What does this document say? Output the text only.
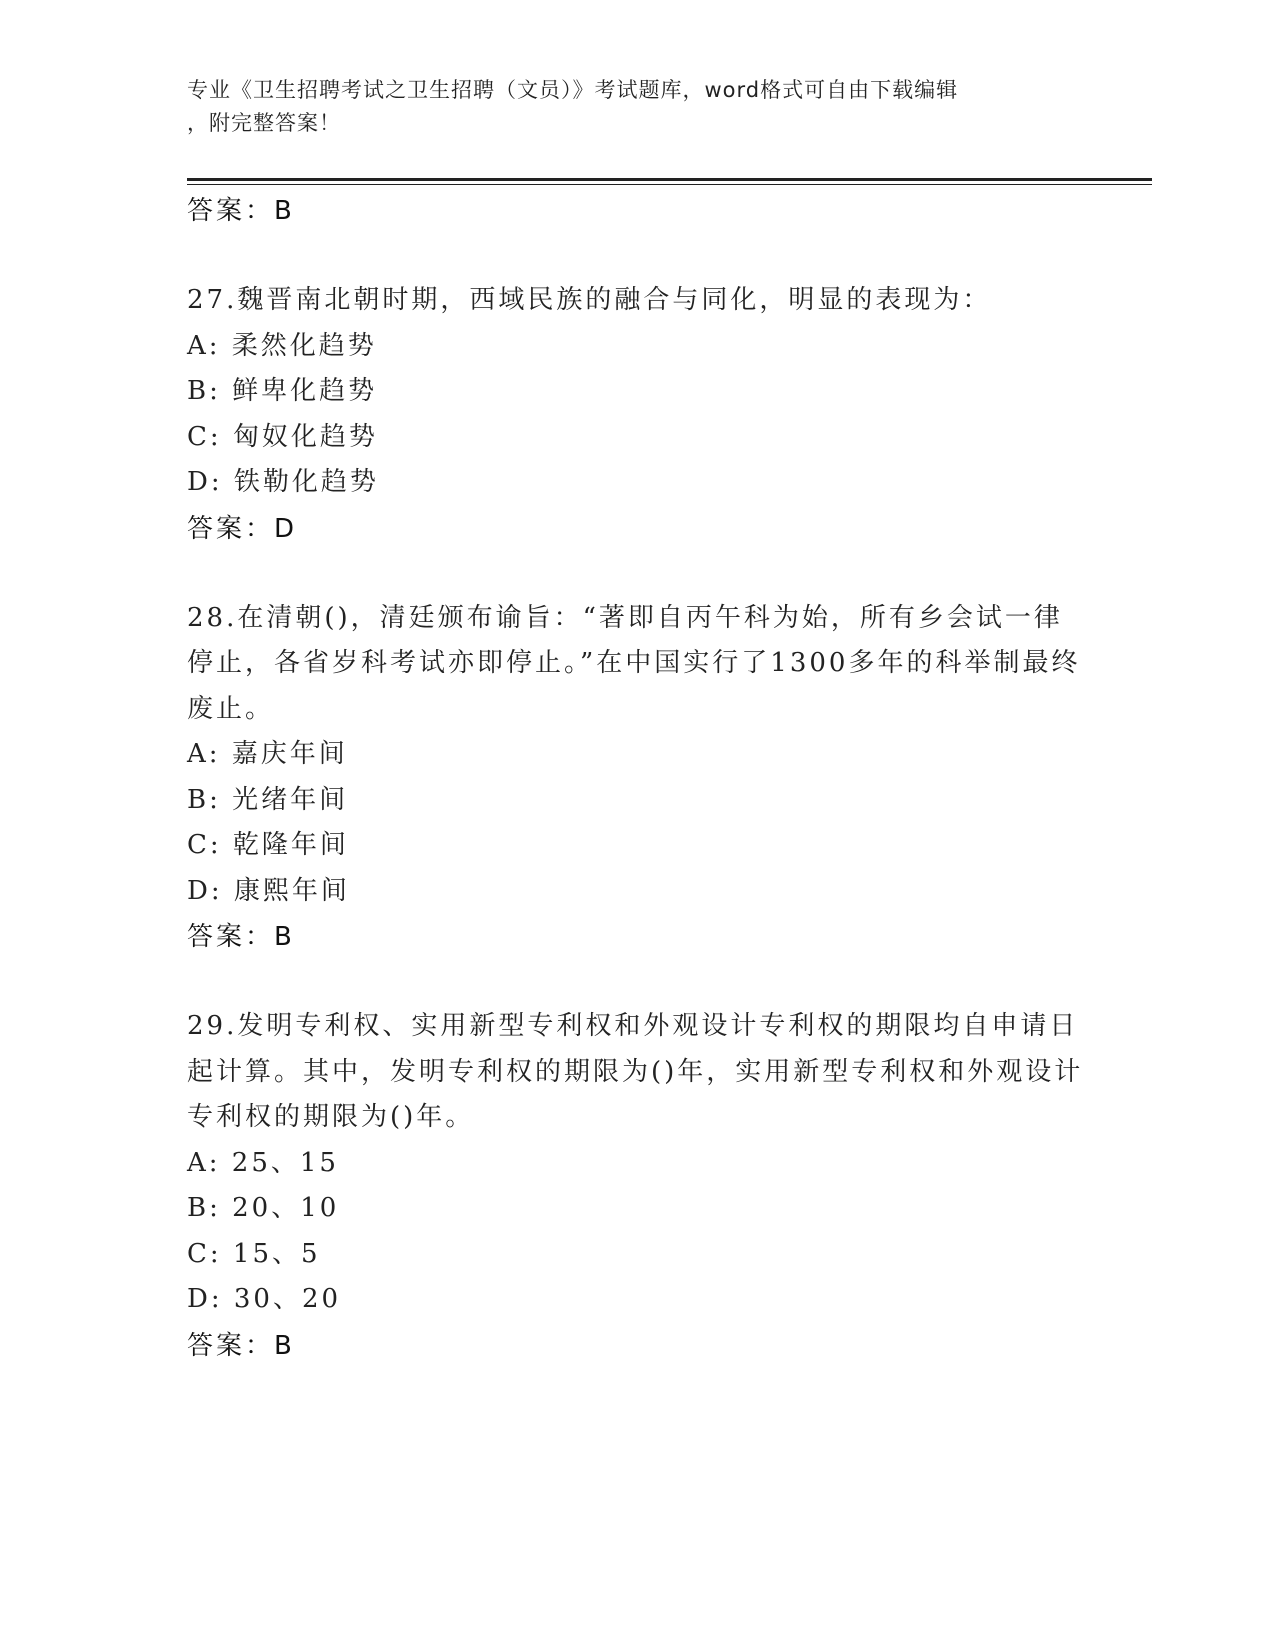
专业《卫生招聘考试之卫生招聘（文员）》考试题库，word格式可自由下载编辑
，附完整答案！
答案：B
27.魏晋南北朝时期，西域民族的融合与同化，明显的表现为：
A: 柔然化趋势
B: 鲜卑化趋势
C: 匈奴化趋势
D: 铁勒化趋势
答案：D
28.在清朝()，清廷颁布谕旨：“著即自丙午科为始，所有乡会试一律停止，各省岁科考试亦即停止。”在中国实行了1300多年的科举制最终废止。
A: 嘉庆年间
B: 光绪年间
C: 乾隆年间
D: 康熙年间
答案：B
29.发明专利权、实用新型专利权和外观设计专利权的期限均自申请日起计算。其中，发明专利权的期限为()年，实用新型专利权和外观设计专利权的期限为()年。
A: 25、15
B: 20、10
C: 15、5
D: 30、20
答案：B
